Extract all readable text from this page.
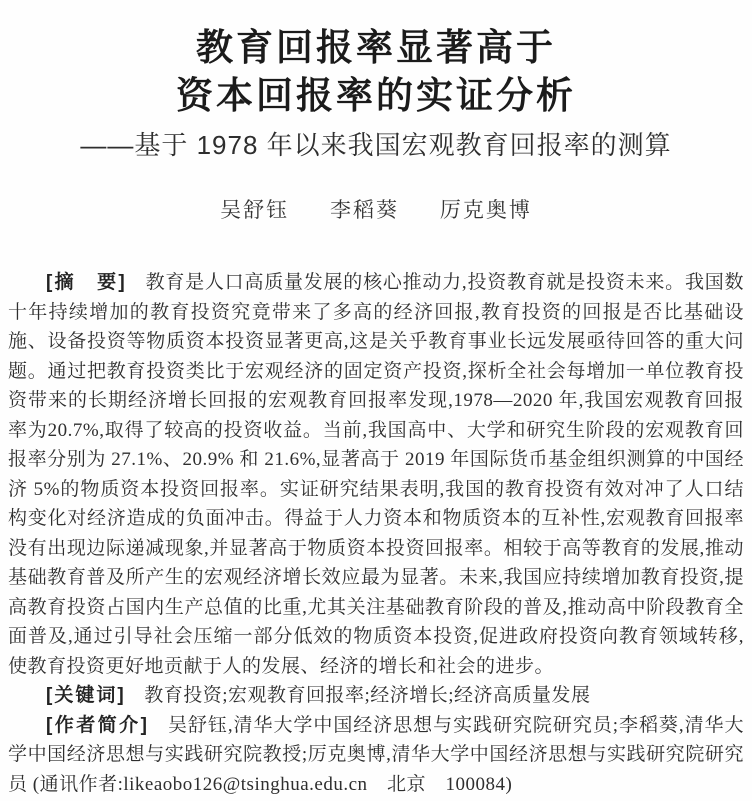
教育回报率显著高于
资本回报率的实证分析
——基于 1978 年以来我国宏观教育回报率的测算
吴舒钰 李稻葵 厉克奥博

[摘　要] 教育是人口高质量发展的核心推动力,投资教育就是投资未来。我国数十年持续增加的教育投资究竟带来了多高的经济回报,教育投资的回报是否比基础设施、设备投资等物质资本投资显著更高,这是关乎教育事业长远发展亟待回答的重大问题。通过把教育投资类比于宏观经济的固定资产投资,探析全社会每增加一单位教育投资带来的长期经济增长回报的宏观教育回报率发现,1978—2020 年,我国宏观教育回报率为20.7%,取得了较高的投资收益。当前,我国高中、大学和研究生阶段的宏观教育回报率分别为 27.1%、20.9% 和 21.6%,显著高于 2019 年国际货币基金组织测算的中国经济 5%的物质资本投资回报率。实证研究结果表明,我国的教育投资有效对冲了人口结构变化对经济造成的负面冲击。得益于人力资本和物质资本的互补性,宏观教育回报率没有出现边际递减现象,并显著高于物质资本投资回报率。相较于高等教育的发展,推动基础教育普及所产生的宏观经济增长效应最为显著。未来,我国应持续增加教育投资,提高教育投资占国内生产总值的比重,尤其关注基础教育阶段的普及,推动高中阶段教育全面普及,通过引导社会压缩一部分低效的物质资本投资,促进政府投资向教育领域转移,使教育投资更好地贡献于人的发展、经济的增长和社会的进步。

[关键词] 教育投资;宏观教育回报率;经济增长;经济高质量发展

[作者简介] 吴舒钰,清华大学中国经济思想与实践研究院研究员;李稻葵,清华大学中国经济思想与实践研究院教授;厉克奥博,清华大学中国经济思想与实践研究院研究员 (通讯作者:likeaobo126@tsinghua.edu.cn　北京　100084)
